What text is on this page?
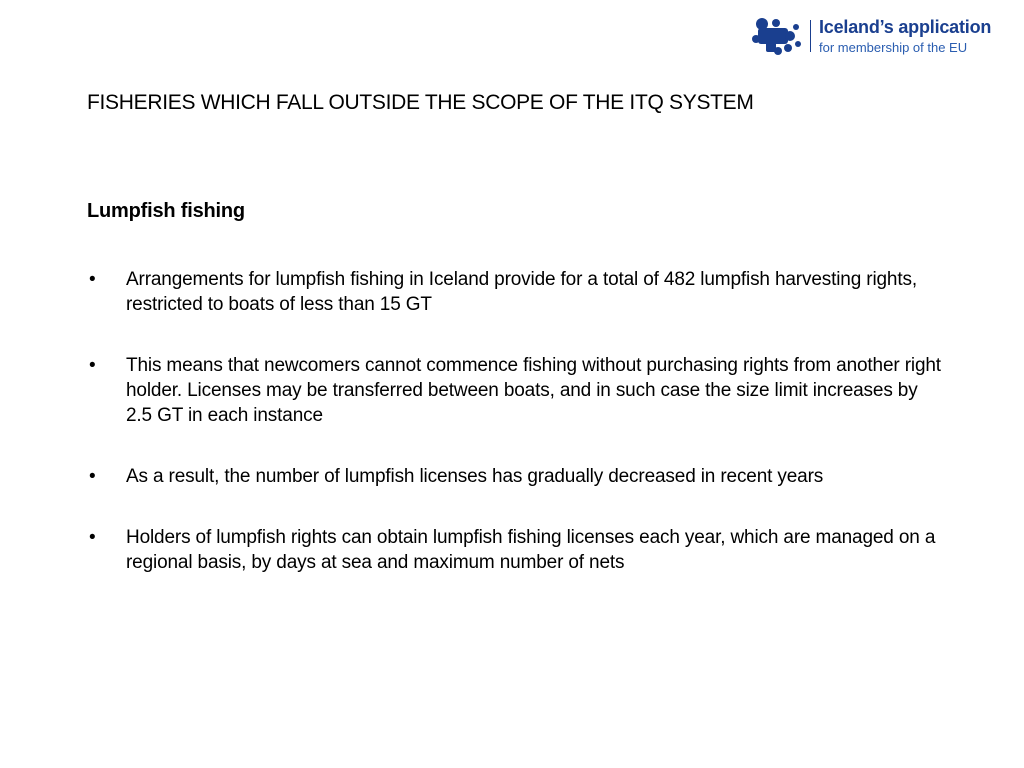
Iceland’s application
for membership of the EU
FISHERIES WHICH FALL OUTSIDE THE SCOPE OF THE ITQ SYSTEM
Lumpfish fishing
• Arrangements for lumpfish fishing in Iceland provide for a total of 482 lumpfish harvesting rights, restricted to boats of less than 15 GT
• This means that newcomers cannot commence fishing without purchasing rights from another right holder. Licenses may be transferred between boats, and in such case the size limit increases by 2.5 GT in each instance
• As a result, the number of lumpfish licenses has gradually decreased in recent years
• Holders of lumpfish rights can obtain lumpfish fishing licenses each year, which are managed on a regional basis, by days at sea and maximum number of nets
